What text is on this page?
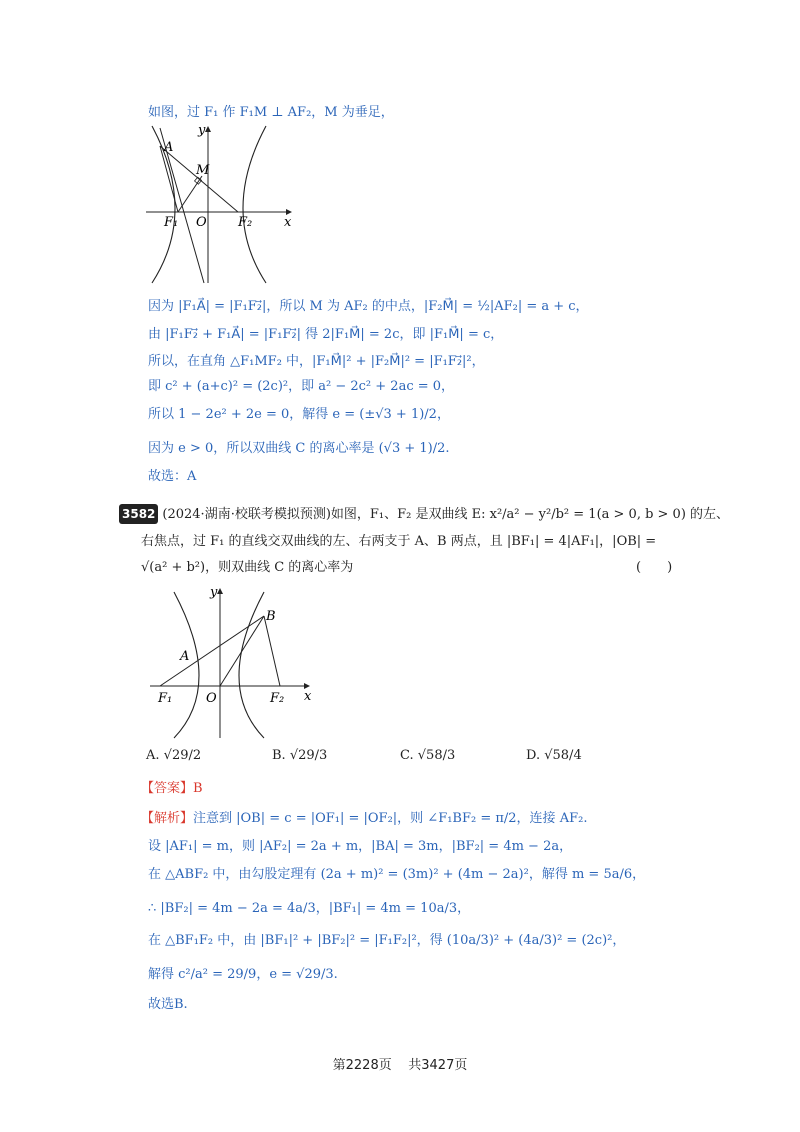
如图，过 F₁ 作 F₁M ⊥ AF₂，M 为垂足，
A
M
F₁ O F₂ x
y
因为 |F₁A⃗| = |F₁F₂⃗|，所以 M 为 AF₂ 的中点，|F₂M⃗| = ½|AF₂| = a + c，
由 |F₁F₂⃗ + F₁A⃗| = |F₁F₂⃗| 得 2|F₁M⃗| = 2c，即 |F₁M⃗| = c，
所以，在直角 △F₁MF₂ 中，|F₁M⃗|² + |F₂M⃗|² = |F₁F₂⃗|²，
即 c² + (a+c)² = (2c)²，即 a² − 2c² + 2ac = 0，
所以 1 − 2e² + 2e = 0，解得 e = (±√3 + 1)/2，
因为 e > 0，所以双曲线 C 的离心率是 (√3 + 1)/2.
故选：A
3582 (2024·湖南·校联考模拟预测)如图，F₁、F₂ 是双曲线 E: x²/a² − y²/b² = 1(a > 0, b > 0) 的左、
右焦点，过 F₁ 的直线交双曲线的左、右两支于 A、B 两点，且 |BF₁| = 4|AF₁|，|OB| =
√(a² + b²)，则双曲线 C 的离心率为	(　　)
A
B
F₁	O	F₂ x
y
A. √29/2	B. √29/3	C. √58/3	D. √58/4
【答案】B
【解析】注意到 |OB| = c = |OF₁| = |OF₂|，则 ∠F₁BF₂ = π/2，连接 AF₂.
设 |AF₁| = m，则 |AF₂| = 2a + m，|BA| = 3m，|BF₂| = 4m − 2a，
在 △ABF₂ 中，由勾股定理有 (2a + m)² = (3m)² + (4m − 2a)²，解得 m = 5a/6，
∴ |BF₂| = 4m − 2a = 4a/3，|BF₁| = 4m = 10a/3，
在 △BF₁F₂ 中，由 |BF₁|² + |BF₂|² = |F₁F₂|²，得 (10a/3)² + (4a/3)² = (2c)²，
解得 c²/a² = 29/9，e = √29/3.
故选B.
第2228页 共3427页
